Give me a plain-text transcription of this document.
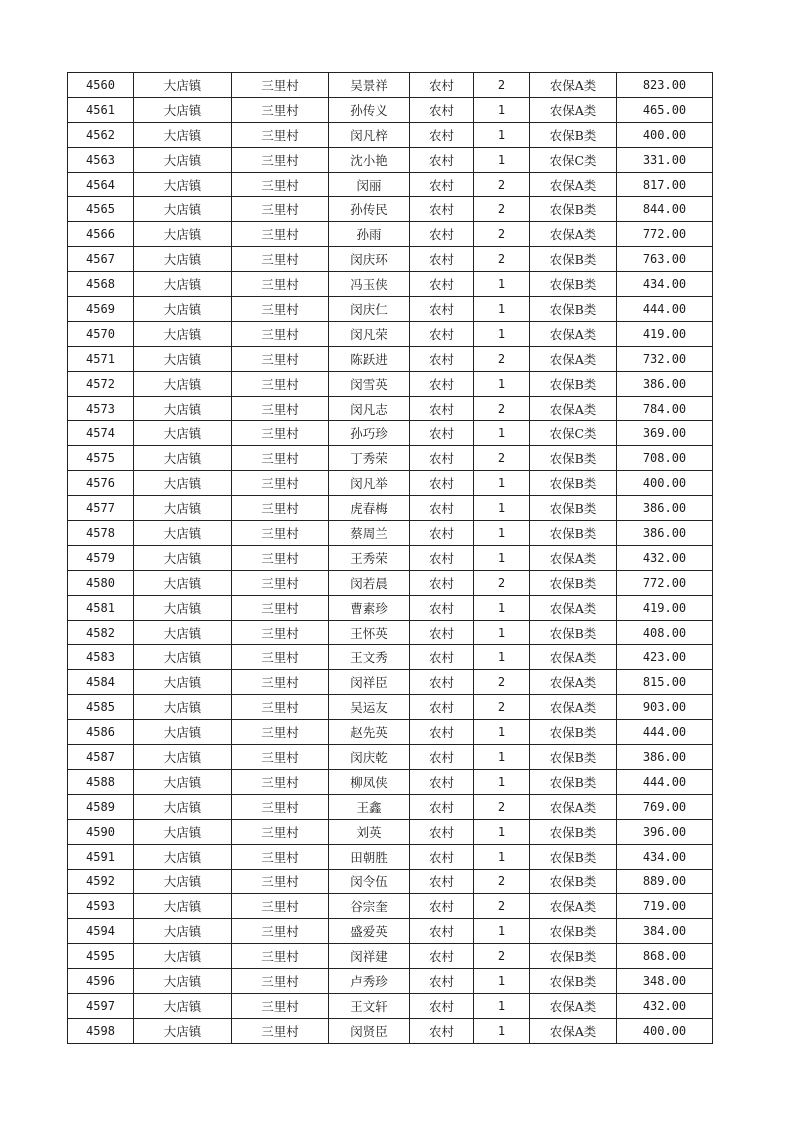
4560	大店镇	三里村	吴景祥	农村	2	农保A类	823.00
4561	大店镇	三里村	孙传义	农村	1	农保A类	465.00
4562	大店镇	三里村	闵凡梓	农村	1	农保B类	400.00
4563	大店镇	三里村	沈小艳	农村	1	农保C类	331.00
4564	大店镇	三里村	闵丽	农村	2	农保A类	817.00
4565	大店镇	三里村	孙传民	农村	2	农保B类	844.00
4566	大店镇	三里村	孙雨	农村	2	农保A类	772.00
4567	大店镇	三里村	闵庆环	农村	2	农保B类	763.00
4568	大店镇	三里村	冯玉侠	农村	1	农保B类	434.00
4569	大店镇	三里村	闵庆仁	农村	1	农保B类	444.00
4570	大店镇	三里村	闵凡荣	农村	1	农保A类	419.00
4571	大店镇	三里村	陈跃进	农村	2	农保A类	732.00
4572	大店镇	三里村	闵雪英	农村	1	农保B类	386.00
4573	大店镇	三里村	闵凡志	农村	2	农保A类	784.00
4574	大店镇	三里村	孙巧珍	农村	1	农保C类	369.00
4575	大店镇	三里村	丁秀荣	农村	2	农保B类	708.00
4576	大店镇	三里村	闵凡举	农村	1	农保B类	400.00
4577	大店镇	三里村	虎春梅	农村	1	农保B类	386.00
4578	大店镇	三里村	蔡周兰	农村	1	农保B类	386.00
4579	大店镇	三里村	王秀荣	农村	1	农保A类	432.00
4580	大店镇	三里村	闵若晨	农村	2	农保B类	772.00
4581	大店镇	三里村	曹素珍	农村	1	农保A类	419.00
4582	大店镇	三里村	王怀英	农村	1	农保B类	408.00
4583	大店镇	三里村	王文秀	农村	1	农保A类	423.00
4584	大店镇	三里村	闵祥臣	农村	2	农保A类	815.00
4585	大店镇	三里村	吴运友	农村	2	农保A类	903.00
4586	大店镇	三里村	赵先英	农村	1	农保B类	444.00
4587	大店镇	三里村	闵庆乾	农村	1	农保B类	386.00
4588	大店镇	三里村	柳凤侠	农村	1	农保B类	444.00
4589	大店镇	三里村	王鑫	农村	2	农保A类	769.00
4590	大店镇	三里村	刘英	农村	1	农保B类	396.00
4591	大店镇	三里村	田朝胜	农村	1	农保B类	434.00
4592	大店镇	三里村	闵令伍	农村	2	农保B类	889.00
4593	大店镇	三里村	谷宗奎	农村	2	农保A类	719.00
4594	大店镇	三里村	盛爱英	农村	1	农保B类	384.00
4595	大店镇	三里村	闵祥建	农村	2	农保B类	868.00
4596	大店镇	三里村	卢秀珍	农村	1	农保B类	348.00
4597	大店镇	三里村	王文轩	农村	1	农保A类	432.00
4598	大店镇	三里村	闵贤臣	农村	1	农保A类	400.00
